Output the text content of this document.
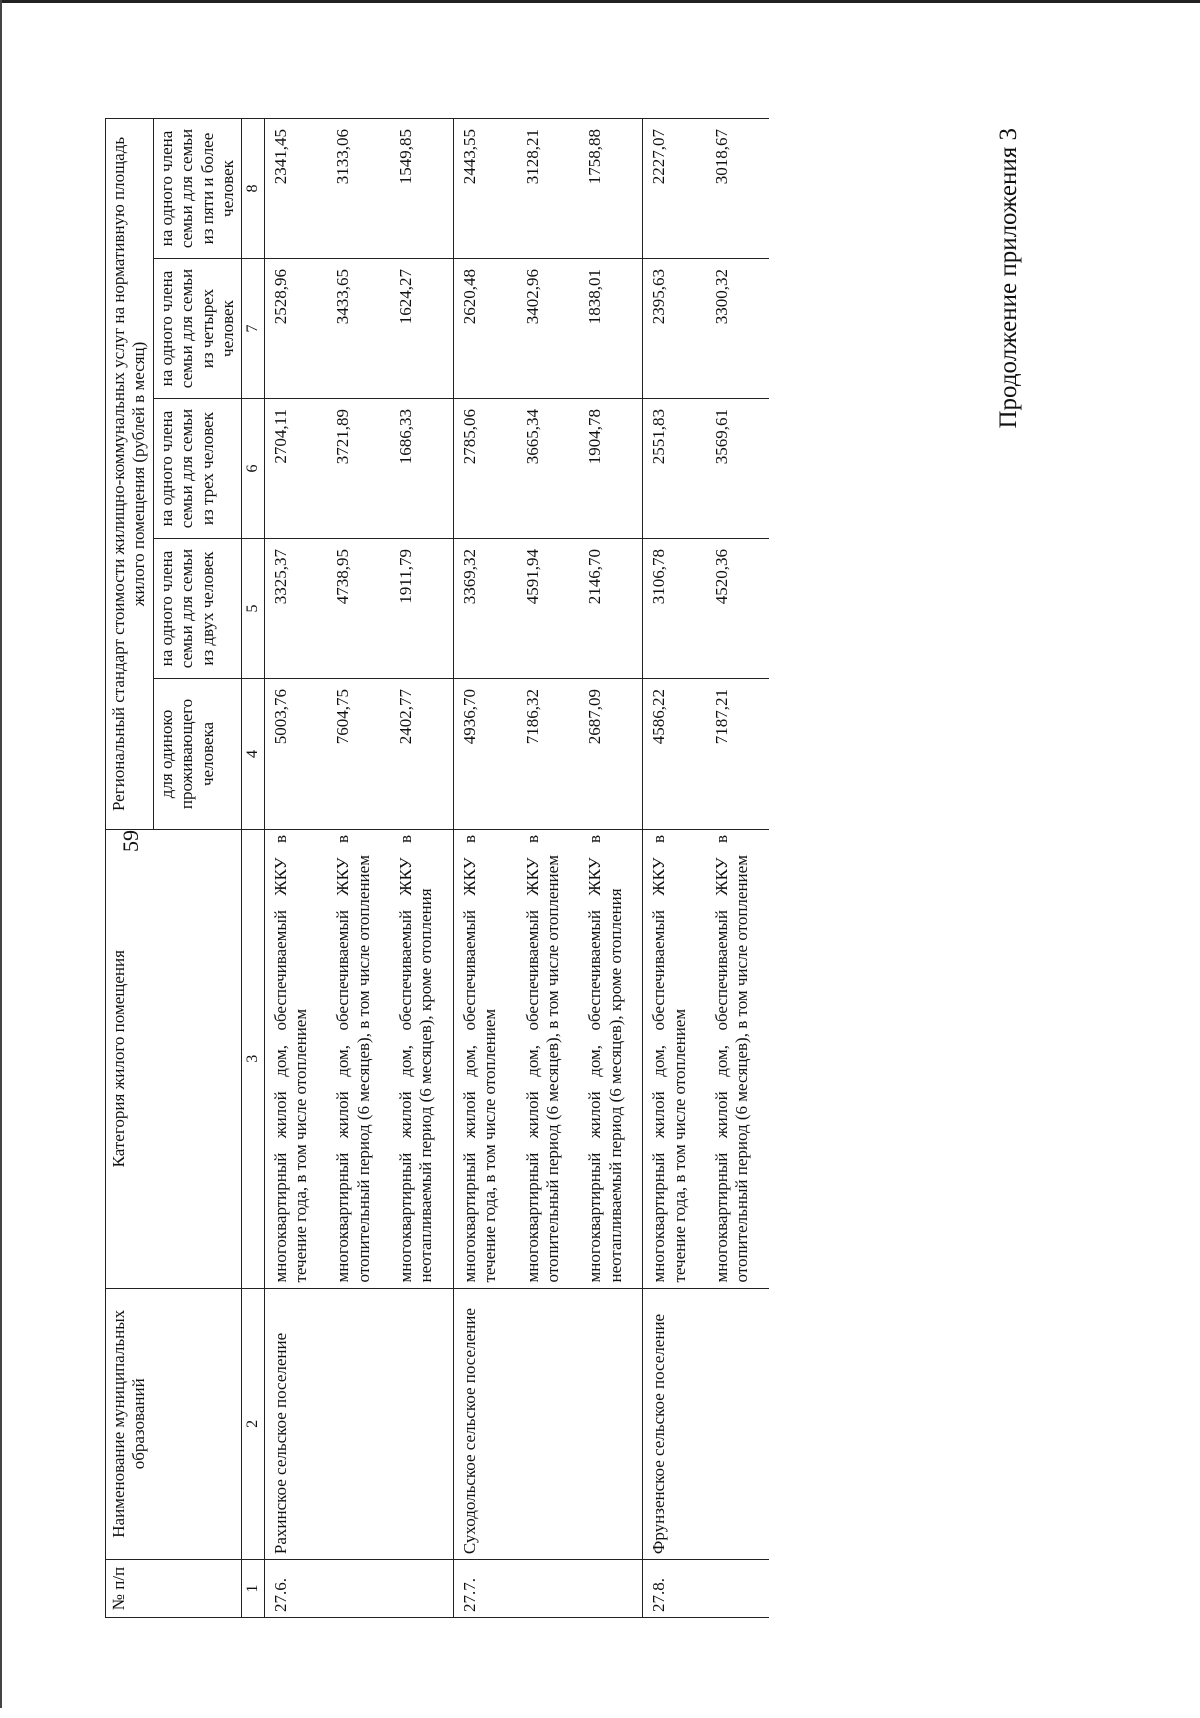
59
Продолжение приложения 3
№ п/п	Наименование муниципальных образований	Категория жилого помещения	Региональный стандарт стоимости жилищно-коммунальных услуг на нормативную площадь жилого помещения (рублей в месяц)				
			для одиноко проживающего человека	на одного члена семьи для семьи из двух человек	на одного члена семьи для семьи из трех человек	на одного члена семьи для семьи из четырех человек	на одного члена семьи для семьи из пяти и более человек
1	2	3	4	5	6	7	8
27.6.	Рахинское сельское поселение	многоквартирный жилой дом, обеспечиваемый ЖКУ в течение года, в том числе отоплением	5003,76	3325,37	2704,11	2528,96	2341,45
		многоквартирный жилой дом, обеспечиваемый ЖКУ в отопительный период (6 месяцев), в том числе отоплением	7604,75	4738,95	3721,89	3433,65	3133,06
		многоквартирный жилой дом, обеспечиваемый ЖКУ в неотапливаемый период (6 месяцев), кроме отопления	2402,77	1911,79	1686,33	1624,27	1549,85
27.7.	Суходольское сельское поселение	многоквартирный жилой дом, обеспечиваемый ЖКУ в течение года, в том числе отоплением	4936,70	3369,32	2785,06	2620,48	2443,55
		многоквартирный жилой дом, обеспечиваемый ЖКУ в отопительный период (6 месяцев), в том числе отоплением	7186,32	4591,94	3665,34	3402,96	3128,21
		многоквартирный жилой дом, обеспечиваемый ЖКУ в неотапливаемый период (6 месяцев), кроме отопления	2687,09	2146,70	1904,78	1838,01	1758,88
27.8.	Фрунзенское сельское поселение	многоквартирный жилой дом, обеспечиваемый ЖКУ в течение года, в том числе отоплением	4586,22	3106,78	2551,83	2395,63	2227,07
		многоквартирный жилой дом, обеспечиваемый ЖКУ в отопительный период (6 месяцев), в том числе отоплением	7187,21	4520,36	3569,61	3300,32	3018,67
